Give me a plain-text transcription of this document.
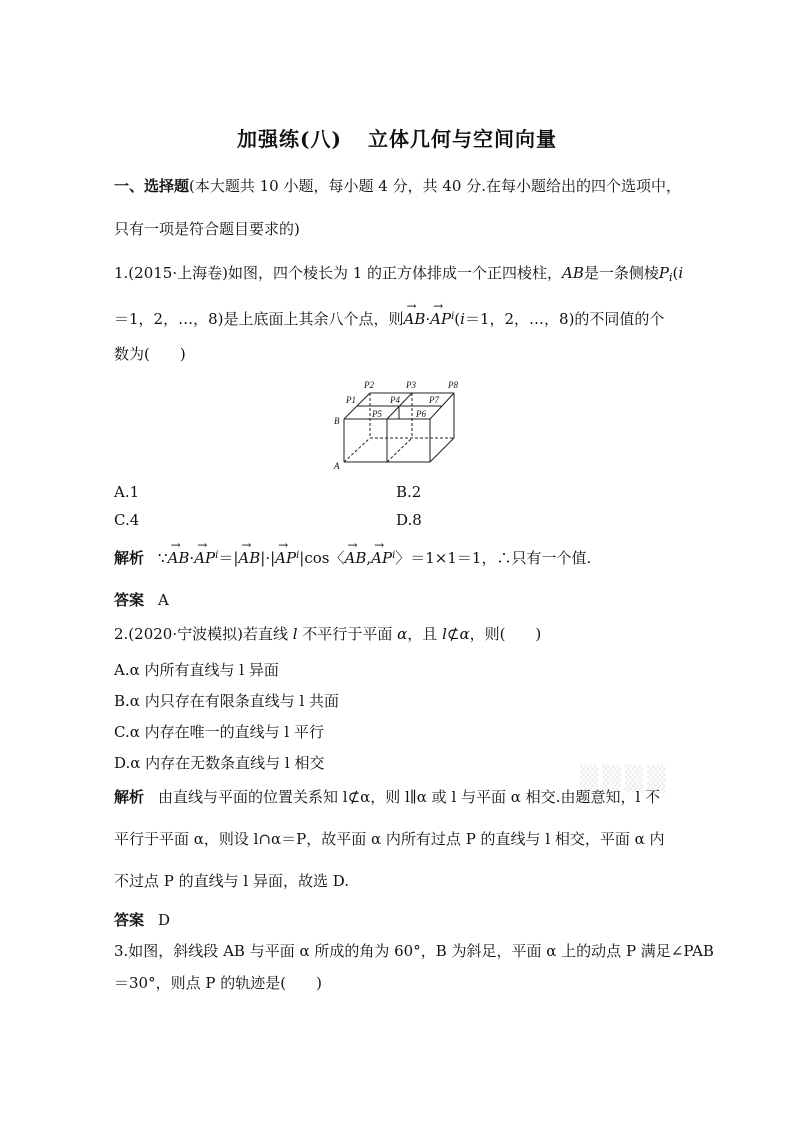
加强练(八) 立体几何与空间向量
一、选择题(本大题共 10 小题，每小题 4 分，共 40 分.在每小题给出的四个选项中，
只有一项是符合题目要求的)
1.(2015·上海卷)如图，四个棱长为 1 的正方体排成一个正四棱柱，AB是一条侧棱$P_i(i$
＝1，2，…，8)是上底面上其余八个点，则→ $AB\cdot\to AP^i(i=1$，2，…，8)的不同值的个
数为(　　)
P2	P3	P8
P1	P4	P7
P5	P6
B
A
A.1	B.2
C.4	D.8
解析 ∵→ $AB\cdot\to AP^i=|\to AB|\cdot|\to AP^i|\cos$〈→ $AB,\to AP^i$〉＝1×1＝1，∴只有一个值.
答案 A
2.(2020·宁波模拟)若直线 l 不平行于平面 α，且 l⊄α，则(　　)
A.α 内所有直线与 l 异面
B.α 内只存在有限条直线与 l 共面
C.α 内存在唯一的直线与 l 平行
D.α 内存在无数条直线与 l 相交
▒▒▒▒
解析 由直线与平面的位置关系知 l⊄α，则 l∥α 或 l 与平面 α 相交.由题意知，l 不
平行于平面 α，则设 l∩α＝P，故平面 α 内所有过点 P 的直线与 l 相交，平面 α 内
不过点 P 的直线与 l 异面，故选 D.
答案 D
3.如图，斜线段 AB 与平面 α 所成的角为 60°，B 为斜足，平面 α 上的动点 P 满足∠PAB
＝30°，则点 P 的轨迹是(　　)
